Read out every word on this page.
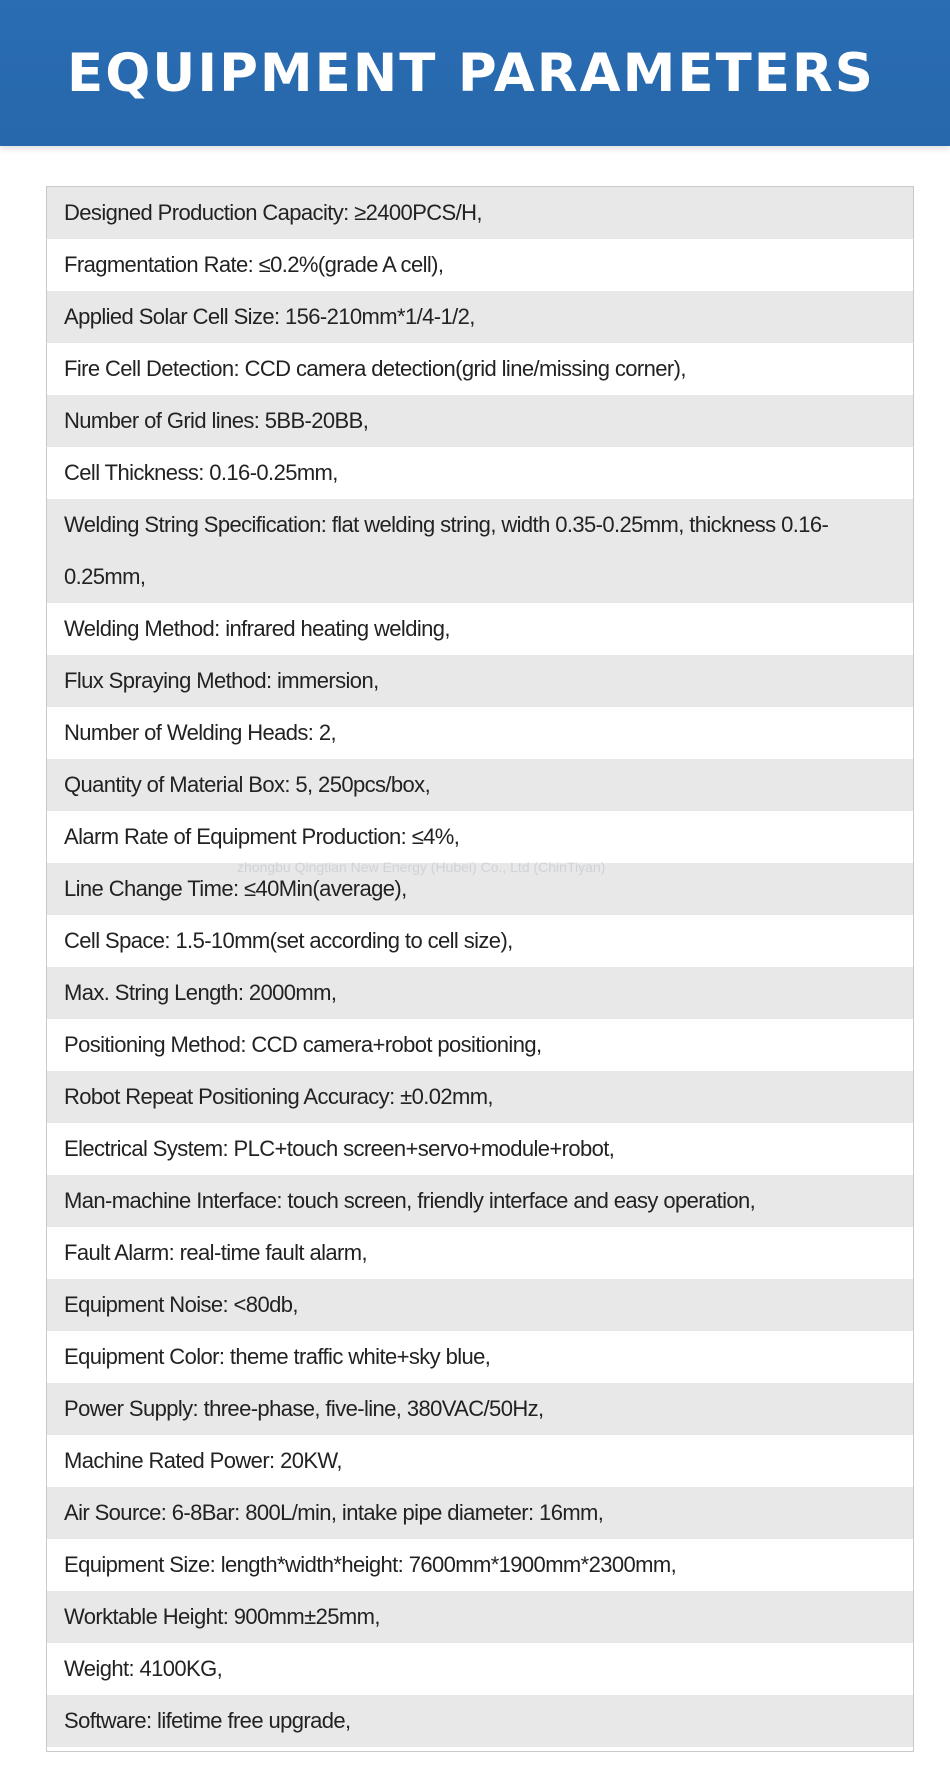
EQUIPMENT PARAMETERS
Designed Production Capacity: ≥2400PCS/H,
Fragmentation Rate: ≤0.2%(grade A cell),
Applied Solar Cell Size: 156-210mm*1/4-1/2,
Fire Cell Detection: CCD camera detection(grid line/missing corner),
Number of Grid lines: 5BB-20BB,
Cell Thickness: 0.16-0.25mm,
Welding String Specification: flat welding string, width 0.35-0.25mm, thickness 0.16-0.25mm,
Welding Method: infrared heating welding,
Flux Spraying Method: immersion,
Number of Welding Heads: 2,
Quantity of Material Box: 5, 250pcs/box,
Alarm Rate of Equipment Production: ≤4%,
Line Change Time: ≤40Min(average),
Cell Space: 1.5-10mm(set according to cell size),
Max. String Length: 2000mm,
Positioning Method: CCD camera+robot positioning,
Robot Repeat Positioning Accuracy: ±0.02mm,
Electrical System: PLC+touch screen+servo+module+robot,
Man-machine Interface: touch screen, friendly interface and easy operation,
Fault Alarm: real-time fault alarm,
Equipment Noise: <80db,
Equipment Color: theme traffic white+sky blue,
Power Supply: three-phase, five-line, 380VAC/50Hz,
Machine Rated Power: 20KW,
Air Source: 6-8Bar: 800L/min, intake pipe diameter: 16mm,
Equipment Size: length*width*height: 7600mm*1900mm*2300mm,
Worktable Height: 900mm±25mm,
Weight: 4100KG,
Software: lifetime free upgrade,
zhongbu Qingtian New Energy (Hubei) Co., Ltd (ChinTiyan)
